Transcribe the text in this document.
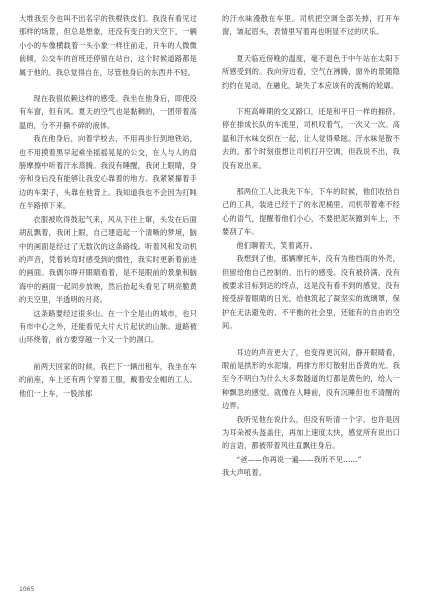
大堆我至今也叫不出名字的铁棍铁皮们。我没有看见过那样的场景，但总是想象，还没有变白的天空下，一辆小小的车像横载着一头小象一样往前走，开车的人微微前倾，公交车的首班还停留在站台，这个时候道路都是属于他的。我总觉得自在，尽管他身后的东西并不轻。

现在我很依赖这样的感受。我坐在他身后，即使没有车窗，但有风。夏天的空气也是黏稠的，一团带着高温的，分不开撕不碎的液体。

我在他身后，向着学校去，不用再步行到地铁站，也不用摸着黑早起乘坐摇摇晃晃的公交，在人与人的肩膀摩擦中听着汗水蒸腾。我没有睡醒，我闭上眼睛，身旁和身后没有能够让我安心靠着的地方。我紧紧攥着手边的车架子，头靠在他背上。我知道我也不会因为打盹在半路掉下来。

衣服被吹得鼓起气来，风从下往上窜，头发在后面胡乱飘着，我闭上眼，自己建造起一个清晰的梦境，脑中的画面是经过了无数次的这条路线。听着风和发动机的声音，凭着转弯时感受到的惯性，我实时更新着前进的画面。我偶尔睁开眼睛看着，是不是眼前的景象和脑海中的画面一起同步放映，然后抬起头看见了明亮脆黄的天空里，半透明的月亮。

这条路要经过很多山。在一个全是山的城市，也只有市中心之外，还能看见大片大片起伏的山脉。道路被山环绕着，前方要穿越一个又一个的洞口。

前两天回家的时候，我拦下一辆出租车，我坐在车的前座，车上还有两个穿着工服，戴着安全帽的工人。他们一上车，一股浓郁

的汗水味漫散在车里。司机把空调全部关掉，打开车窗，皱起眉头，表情里写着再也明显不过的厌乐。

夏天临近傍晚的温度，毫不退色于中午站在太阳下所感受到的。我向旁边看，空气在沸腾，窗外的景随隐约约在晃动，在融化，缺失了本应该有的流畅的轮廓。

下班高峰期的交叉路口，还是和平日一样的拥挤。停在排成长队的车流里，司机叹着气，一次又一次。高温和汗水味交织在一起，让人觉得晕眩。汗水味是散不去的，那个时刻很想让司机打开空调，但我说不出，我没有说出来。

那两位工人比我先下车，下车的时候，他们收拾自己的工具，装进已经干了的水泥桶里。司机带着难不经心的语气，提醒着他们小心，不要把泥灰蹭到车上，不要刮了车。

他们聊着天，笑着离开。

我想到了他，那辆摩托车，没有为他挡雨的外壳，但留给他自己控制的、出行的感受。没有被挤满、没有被要求目标到达的终点，这是没有看不到的感觉，没有接受辞着眼睛的日光，给他筑起了凝坚实的玻璃罩，保护在无法避免的、不平衡的社会里，还能有的自由的空间。

耳边的声音更大了，也变得更沉闷，静开眼睛看，眼前是拱形的水泥墙，两排方形灯散射出昏黄的光。我至今不明白为什么大多数隧道的灯都是黄色的，给人一种飘忽的感觉。就像在人睡前，没有沉睡但也不清醒的边界。

我听见他在说什么，但没有听清一个字。也许是因为耳朵被头盔盖住，再加上速度太快，感觉所有说出口的言语，都被带着风往直飘往身后。

“爸——你再说一遍——我听不见……”

我大声吼着。

1065
